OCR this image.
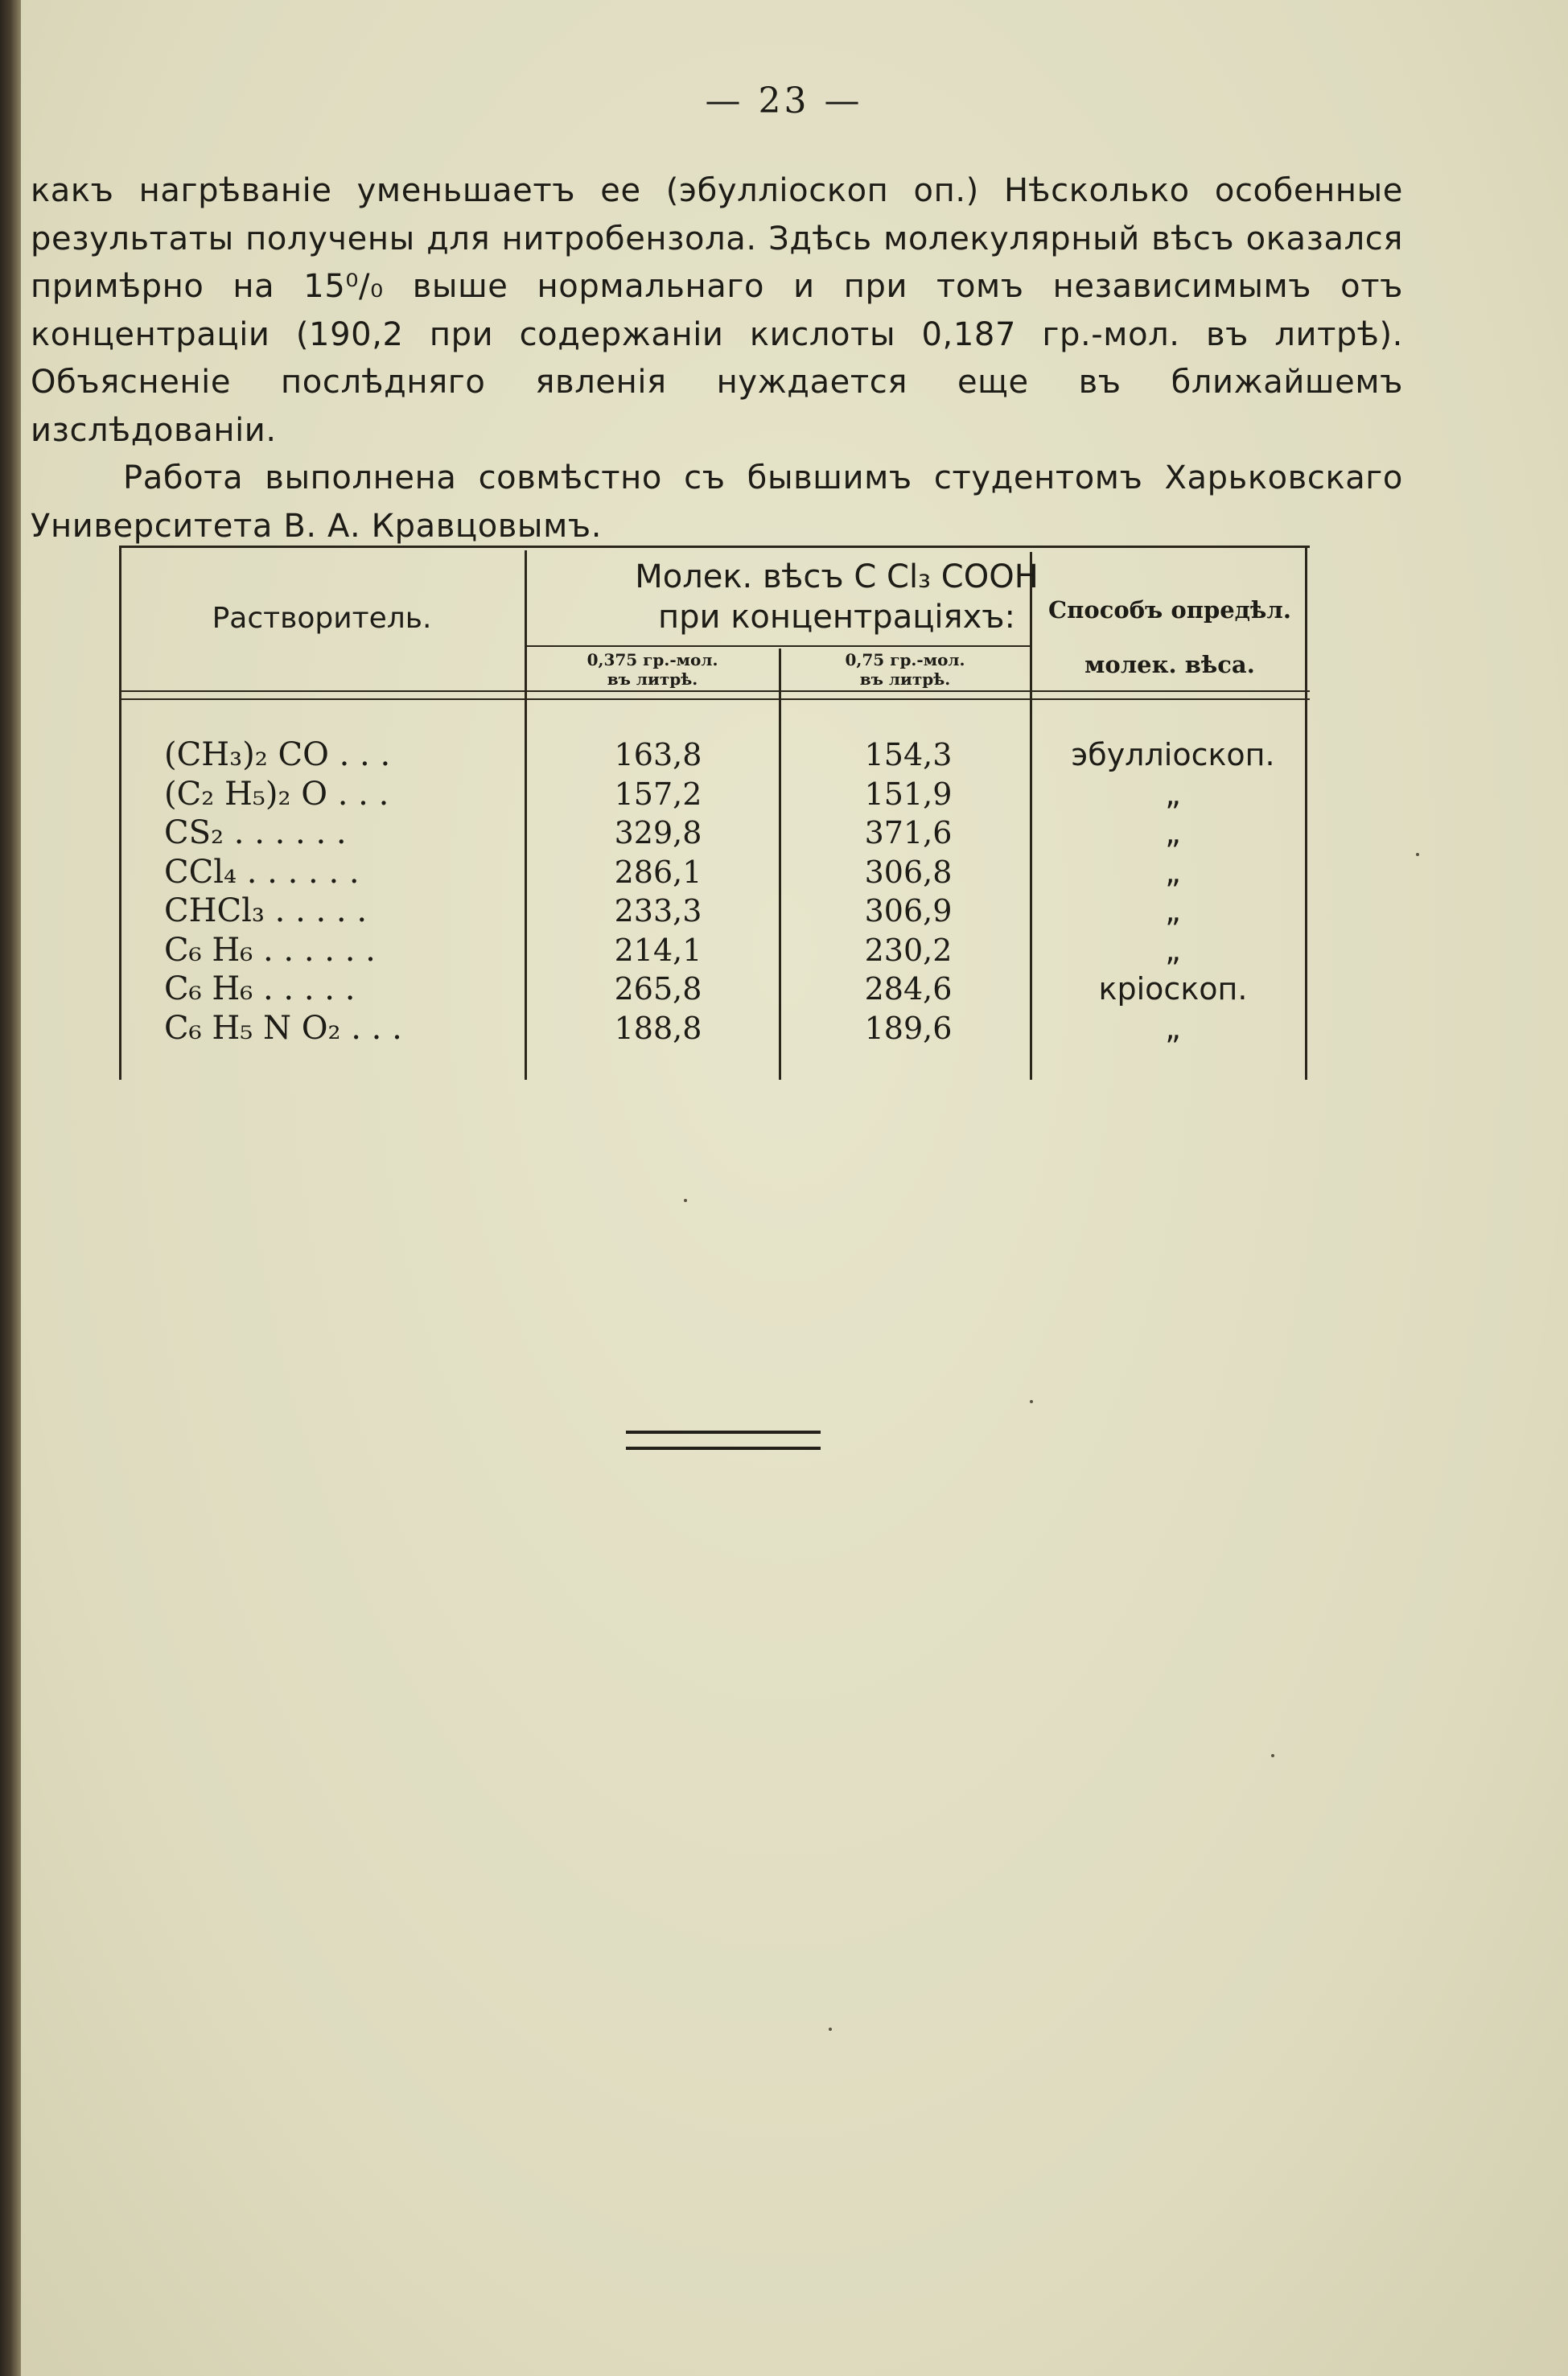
— 23 —

какъ нагрѣваніе уменьшаетъ ее (эбулліоскоп оп.) Нѣсколько особенные результаты получены для нитробензола. Здѣсь молекулярный вѣсъ оказался примѣрно на 15⁰/₀ выше нормальнаго и при томъ независимымъ отъ концентраціи (190,2 при содержаніи кислоты 0,187 гр.-мол. въ литрѣ). Объясненіе послѣдняго явленія нуждается еще въ ближайшемъ изслѣдованіи.

Работа выполнена совмѣстно съ бывшимъ студентомъ Харьковскаго Университета В. А. Кравцовымъ.

Растворитель.
Молек. вѣсъ C Cl₃ COOH
при концентраціяхъ:	Способъ опредѣл.
молек. вѣса.
0,375 гр.-мол.
въ литрѣ.
0,75 гр.-мол.
въ литрѣ.
(CH₃)₂ CO . . .	163,8	154,3	эбулліоскоп.
(C₂ H₅)₂ O . . .	157,2	151,9	„
CS₂ . . . . . .	329,8	371,6	„
CCl₄ . . . . . .	286,1	306,8	„
CHCl₃ . . . . .	233,3	306,9	„
C₆ H₆ . . . . . .	214,1	230,2	„
C₆ H₆ . . . . .	265,8	284,6	кріоскоп.
C₆ H₅ N O₂ . . .	188,8	189,6	„
